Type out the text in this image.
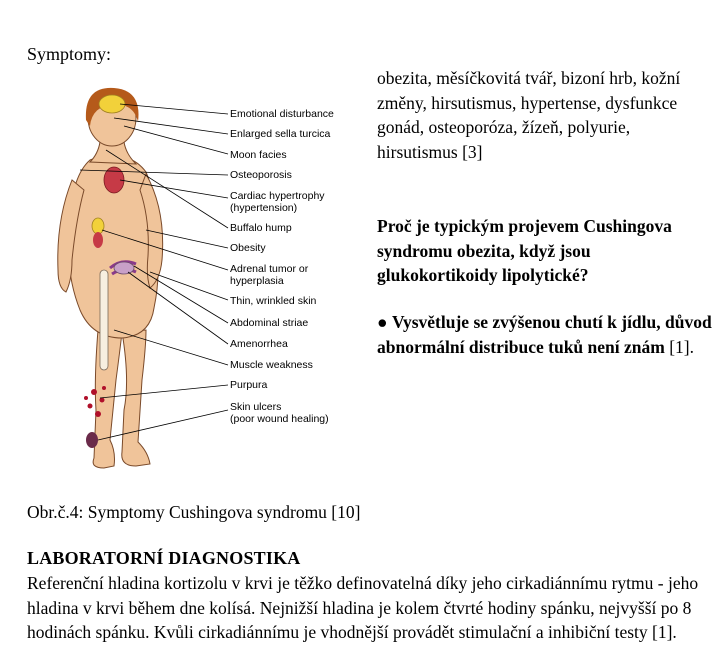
Symptomy:
Emotional disturbance
Enlarged sella turcica
Moon facies
Osteoporosis
Cardiac hypertrophy
(hypertension)
Buffalo hump
Obesity
Adrenal tumor or
hyperplasia
Thin, wrinkled skin
Abdominal striae
Amenorrhea
Muscle weakness
Purpura
Skin ulcers
(poor wound healing)
obezita, měsíčkovitá tvář, bizoní hrb, kožní změny, hirsutismus, hypertense, dysfunkce gonád, osteoporóza, žízeň, polyurie, hirsutismus [3]
Proč je typickým projevem Cushingova syndromu obezita, když jsou glukokortikoidy lipolytické?
● Vysvětluje se zvýšenou chutí k jídlu, důvod abnormální distribuce tuků není znám [1].
Obr.č.4: Symptomy Cushingova syndromu [10]
LABORATORNÍ DIAGNOSTIKA
Referenční hladina kortizolu v krvi je těžko definovatelná díky jeho cirkadiánnímu rytmu - jeho hladina v krvi během dne kolísá. Nejnižší hladina je kolem čtvrté hodiny spánku, nejvyšší po 8 hodinách spánku. Kvůli cirkadiánnímu je vhodnější provádět stimulační a inhibiční testy [1].
